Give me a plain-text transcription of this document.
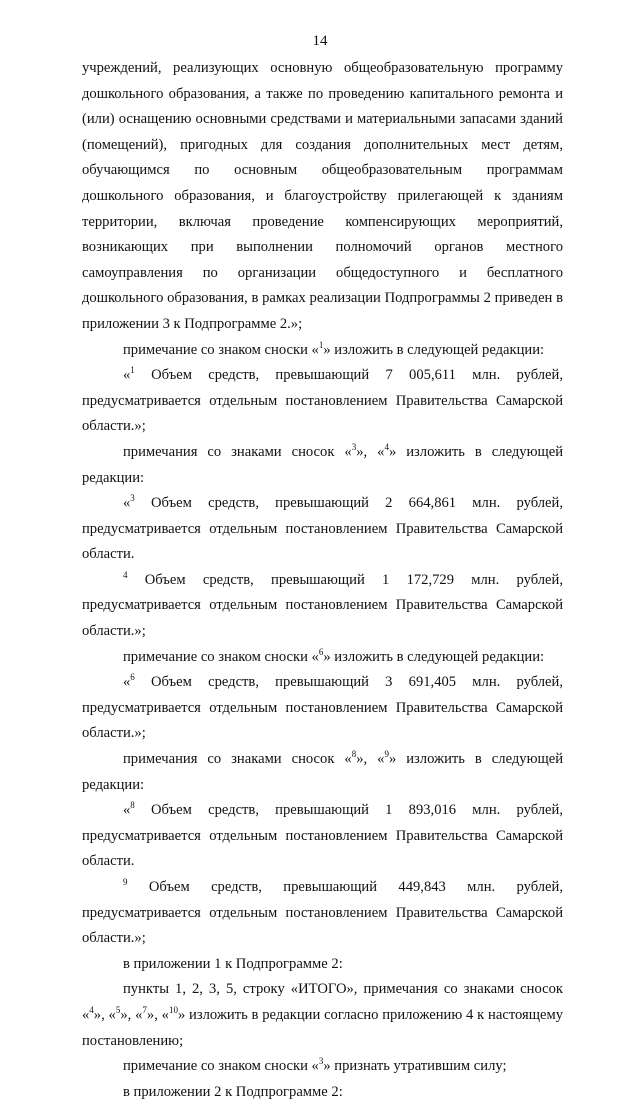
14

учреждений, реализующих основную общеобразовательную программу дошкольного образования, а также по проведению капитального ремонта и (или) оснащению основными средствами и материальными запасами зданий (помещений), пригодных для создания дополнительных мест детям, обучающимся по основным общеобразовательным программам дошкольного образования, и благоустройству прилегающей к зданиям территории, включая проведение компенсирующих мероприятий, возникающих при выполнении полномочий органов местного самоуправления по организации общедоступного и бесплатного дошкольного образования, в рамках реализации Подпрограммы 2 приведен в приложении 3 к Подпрограмме 2.»;

примечание со знаком сноски «$^1$» изложить в следующей редакции:

«$^1$ Объем средств, превышающий 7 005,611 млн. рублей, предусматривается отдельным постановлением Правительства Самарской области.»;

примечания со знаками сносок «$^3$», «$^4$» изложить в следующей редакции:

«$^3$ Объем средств, превышающий 2 664,861 млн. рублей, предусматривается отдельным постановлением Правительства Самарской области.

$^4$ Объем средств, превышающий 1 172,729 млн. рублей, предусматривается отдельным постановлением Правительства Самарской области.»;

примечание со знаком сноски «$^6$» изложить в следующей редакции:

«$^6$ Объем средств, превышающий 3 691,405 млн. рублей, предусматривается отдельным постановлением Правительства Самарской области.»;

примечания со знаками сносок «$^8$», «$^9$» изложить в следующей редакции:

«$^8$ Объем средств, превышающий 1 893,016 млн. рублей, предусматривается отдельным постановлением Правительства Самарской области.

$^9$ Объем средств, превышающий 449,843 млн. рублей, предусматривается отдельным постановлением Правительства Самарской области.»;

в приложении 1 к Подпрограмме 2:

пункты 1, 2, 3, 5, строку «ИТОГО», примечания со знаками сносок «$^4$», «$^5$», «$^7$», «$^{10}$» изложить в редакции согласно приложению 4 к настоящему постановлению;

примечание со знаком сноски «$^3$» признать утратившим силу;

в приложении 2 к Подпрограмме 2:
